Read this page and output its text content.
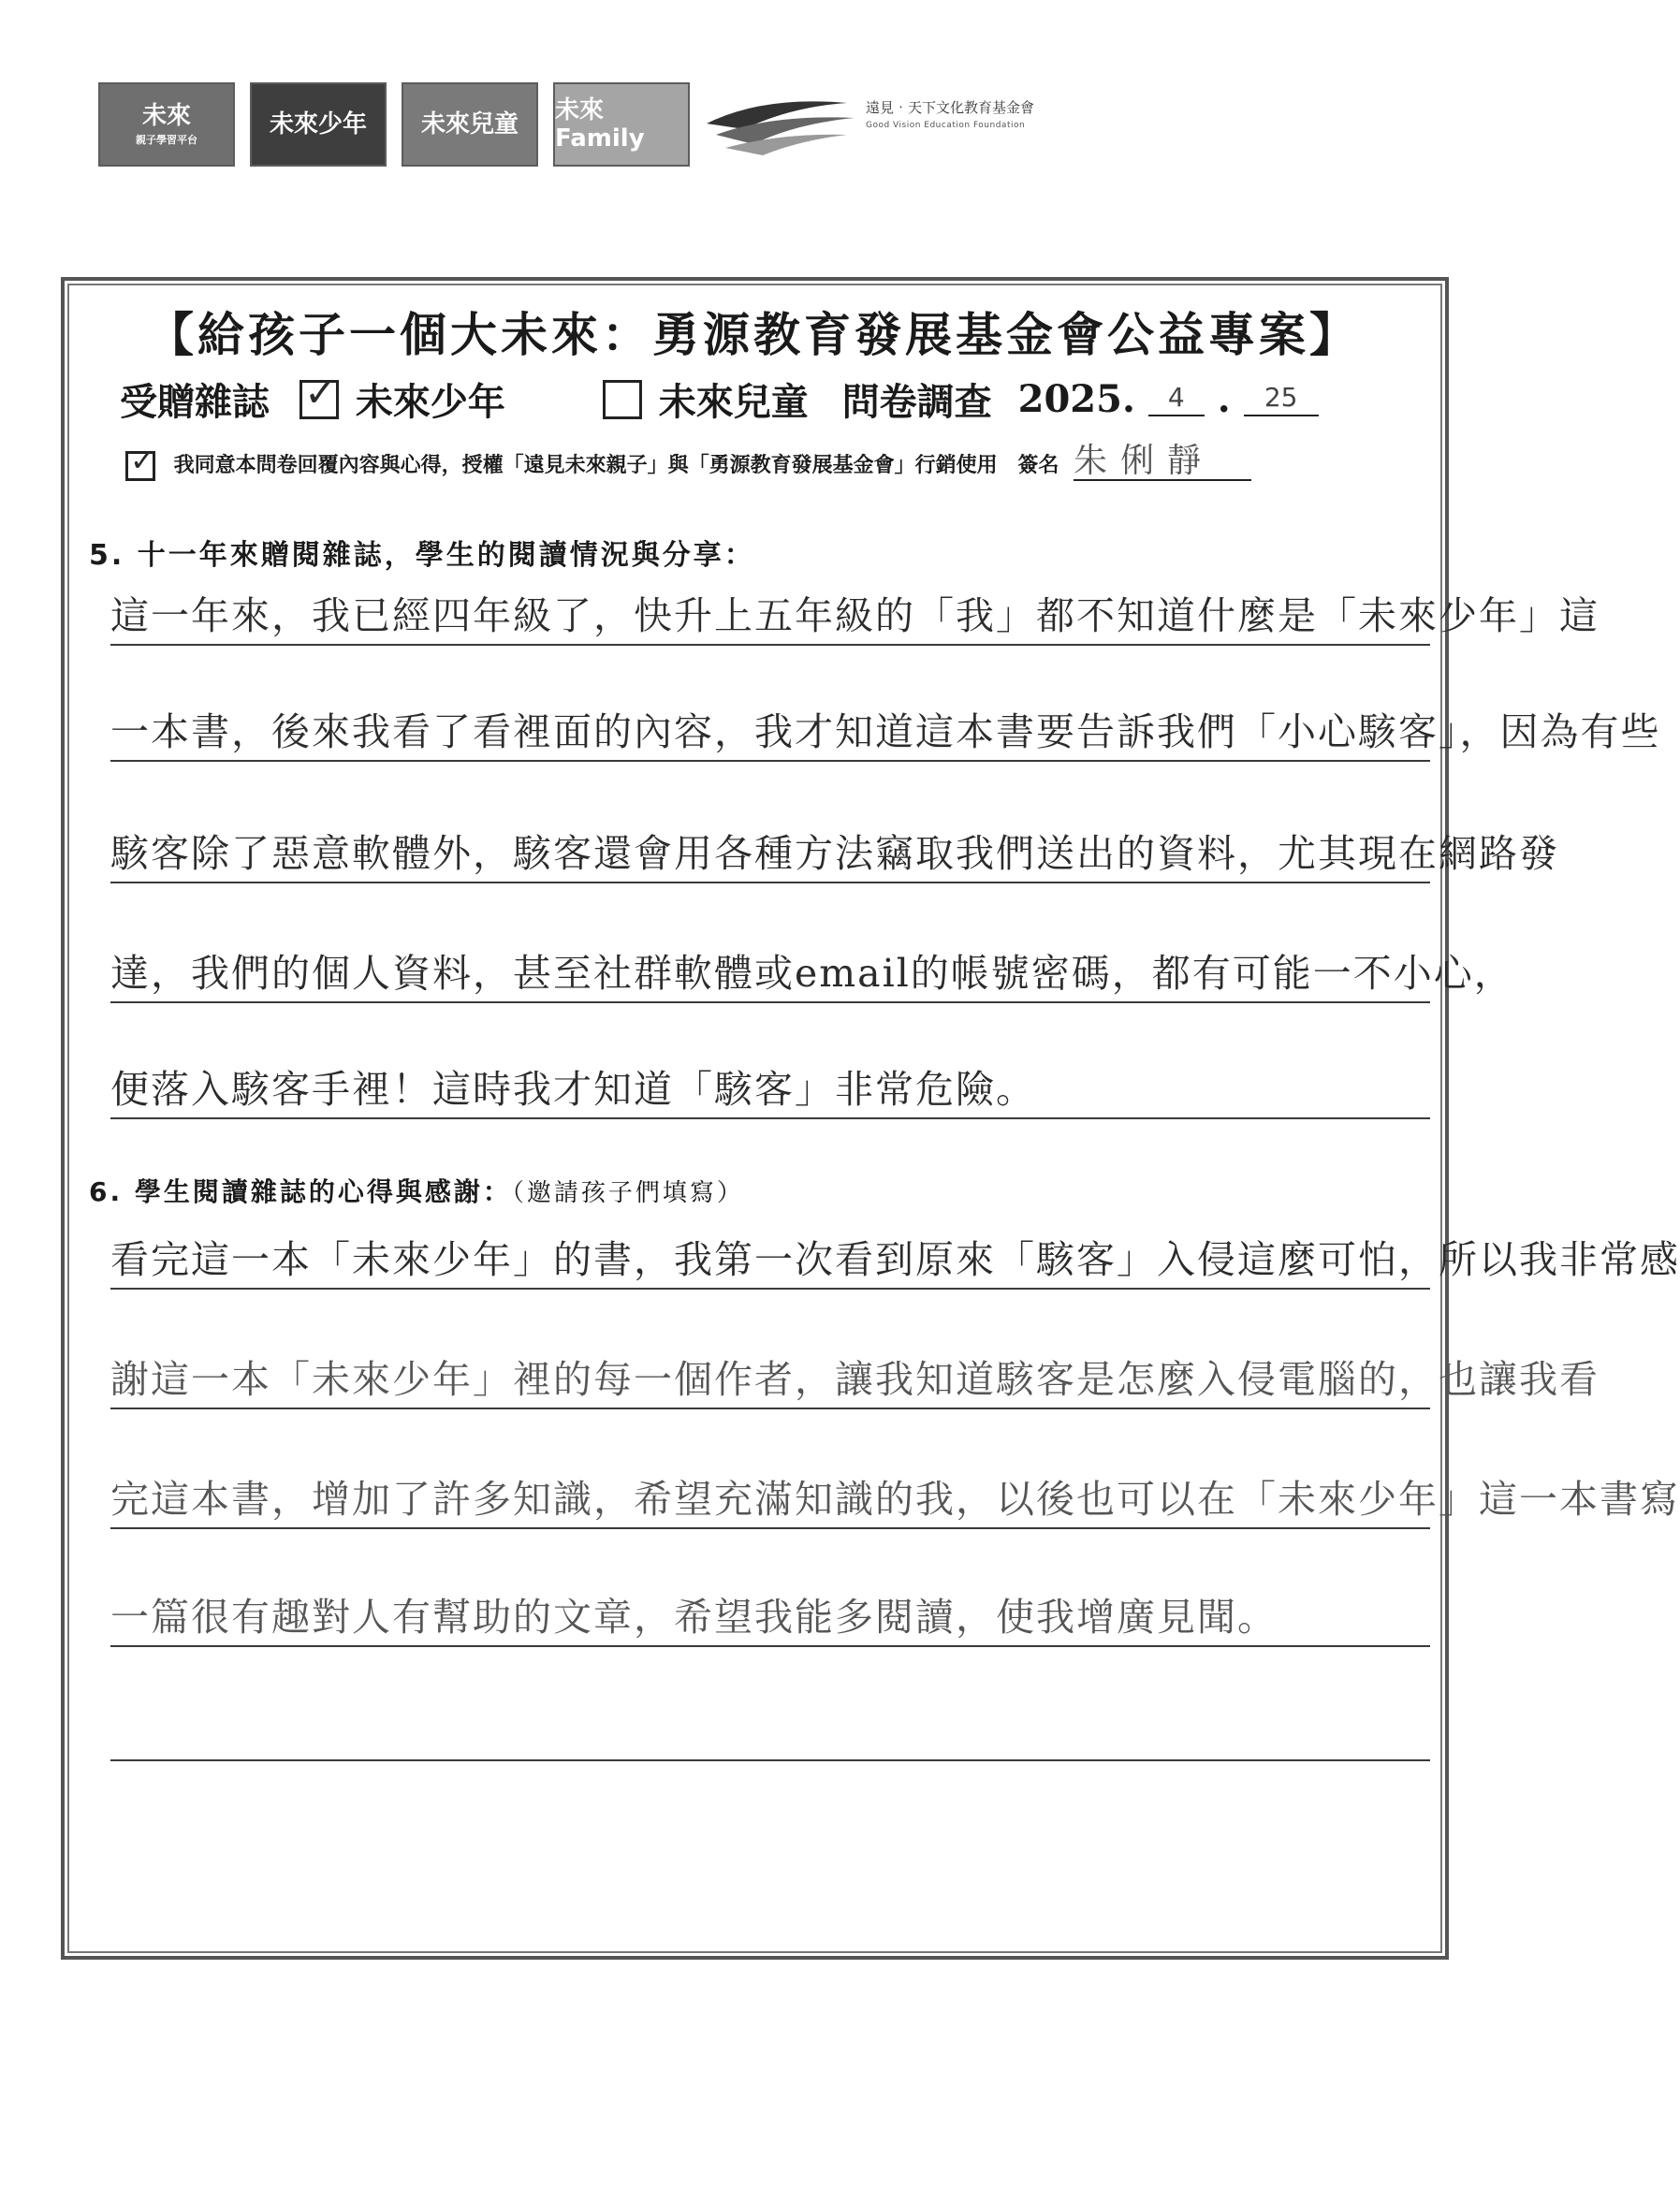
未來
親子學習平台
未來少年 未來兒童 未來Family
遠見‧天下文化教育基金會
Good Vision Education Foundation
【給孩子一個大未來：勇源教育發展基金會公益專案】
受贈雜誌 ✓ 未來少年	未來兒童 問卷調查 2025. 4 . 25
✓ 我同意本問卷回覆內容與心得，授權「遠見未來親子」與「勇源教育發展基金會」行銷使用 簽名 朱俐靜
5. 十一年來贈閱雜誌，學生的閱讀情況與分享：
這一年來，我已經四年級了，快升上五年級的「我」都不知道什麼是「未來少年」這
一本書，後來我看了看裡面的內容，我才知道這本書要告訴我們「小心駭客」，因為有些
駭客除了惡意軟體外，駭客還會用各種方法竊取我們送出的資料，尤其現在網路發
達，我們的個人資料，甚至社群軟體或email的帳號密碼，都有可能一不小心，
便落入駭客手裡！這時我才知道「駭客」非常危險。
6. 學生閱讀雜誌的心得與感謝：（邀請孩子們填寫）
看完這一本「未來少年」的書，我第一次看到原來「駭客」入侵這麼可怕，所以我非常感
謝這一本「未來少年」裡的每一個作者，讓我知道駭客是怎麼入侵電腦的，也讓我看
完這本書，增加了許多知識，希望充滿知識的我，以後也可以在「未來少年」這一本書寫
一篇很有趣對人有幫助的文章，希望我能多閱讀，使我增廣見聞。
